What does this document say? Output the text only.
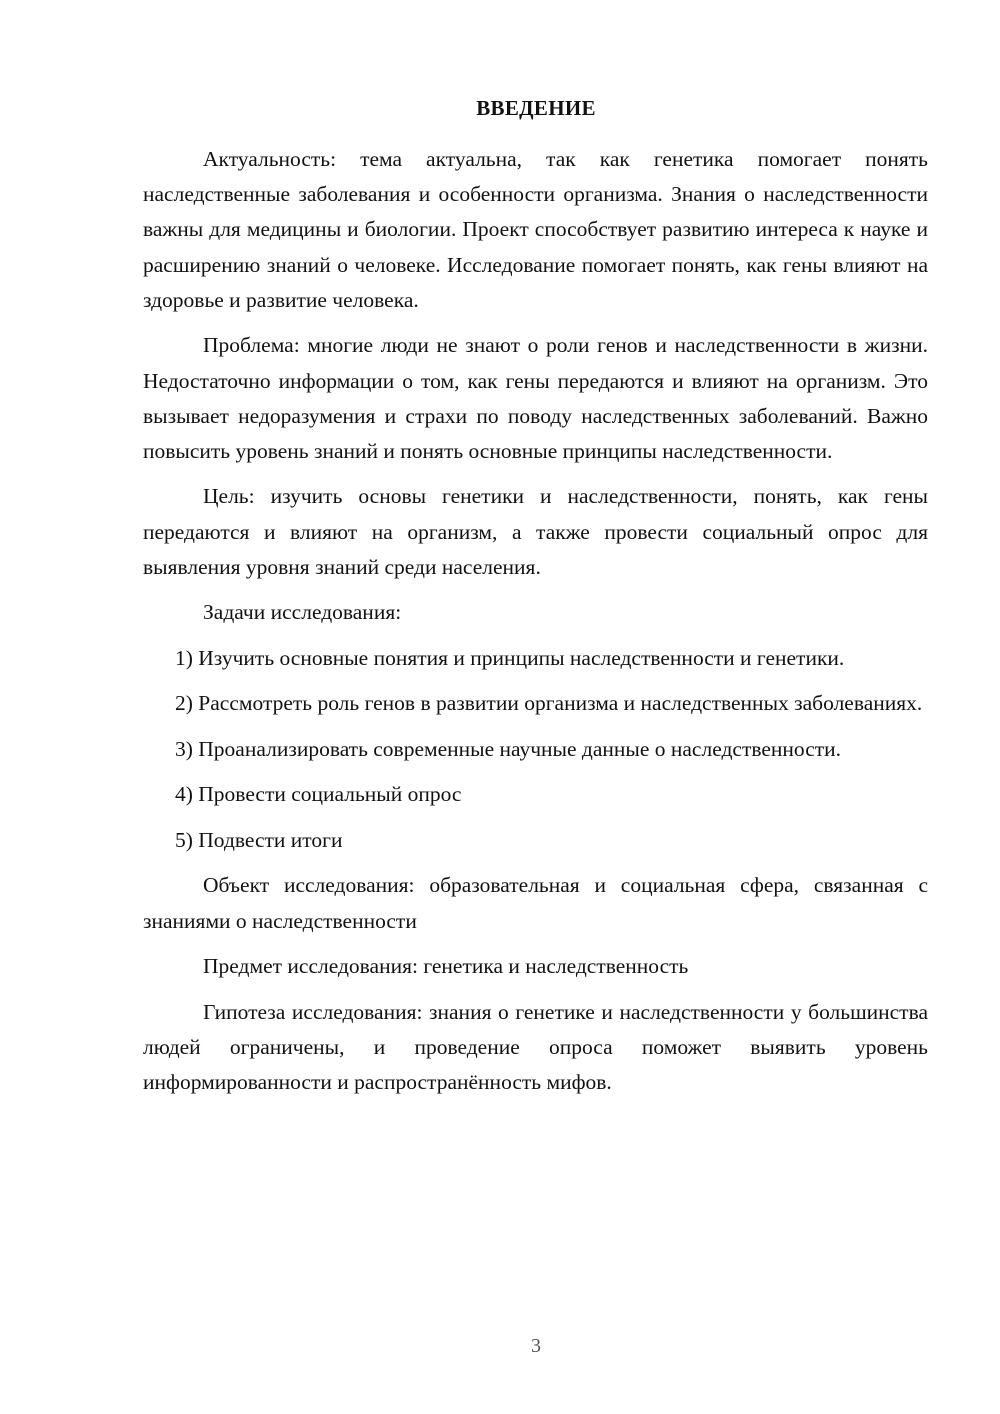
ВВЕДЕНИЕ

Актуальность: тема актуальна, так как генетика помогает понять наследственные заболевания и особенности организма. Знания о наследственности важны для медицины и биологии. Проект способствует развитию интереса к науке и расширению знаний о человеке. Исследование помогает понять, как гены влияют на здоровье и развитие человека.

Проблема: многие люди не знают о роли генов и наследственности в жизни. Недостаточно информации о том, как гены передаются и влияют на организм. Это вызывает недоразумения и страхи по поводу наследственных заболеваний. Важно повысить уровень знаний и понять основные принципы наследственности.

Цель: изучить основы генетики и наследственности, понять, как гены передаются и влияют на организм, а также провести социальный опрос для выявления уровня знаний среди населения.

Задачи исследования:

1) Изучить основные понятия и принципы наследственности и генетики.

2) Рассмотреть роль генов в развитии организма и наследственных заболеваниях.

3) Проанализировать современные научные данные о наследственности.

4) Провести социальный опрос

5) Подвести итоги

Объект исследования: образовательная и социальная сфера, связанная с знаниями о наследственности

Предмет исследования: генетика и наследственность

Гипотеза исследования: знания о генетике и наследственности у большинства людей ограничены, и проведение опроса поможет выявить уровень информированности и распространённость мифов.

3
